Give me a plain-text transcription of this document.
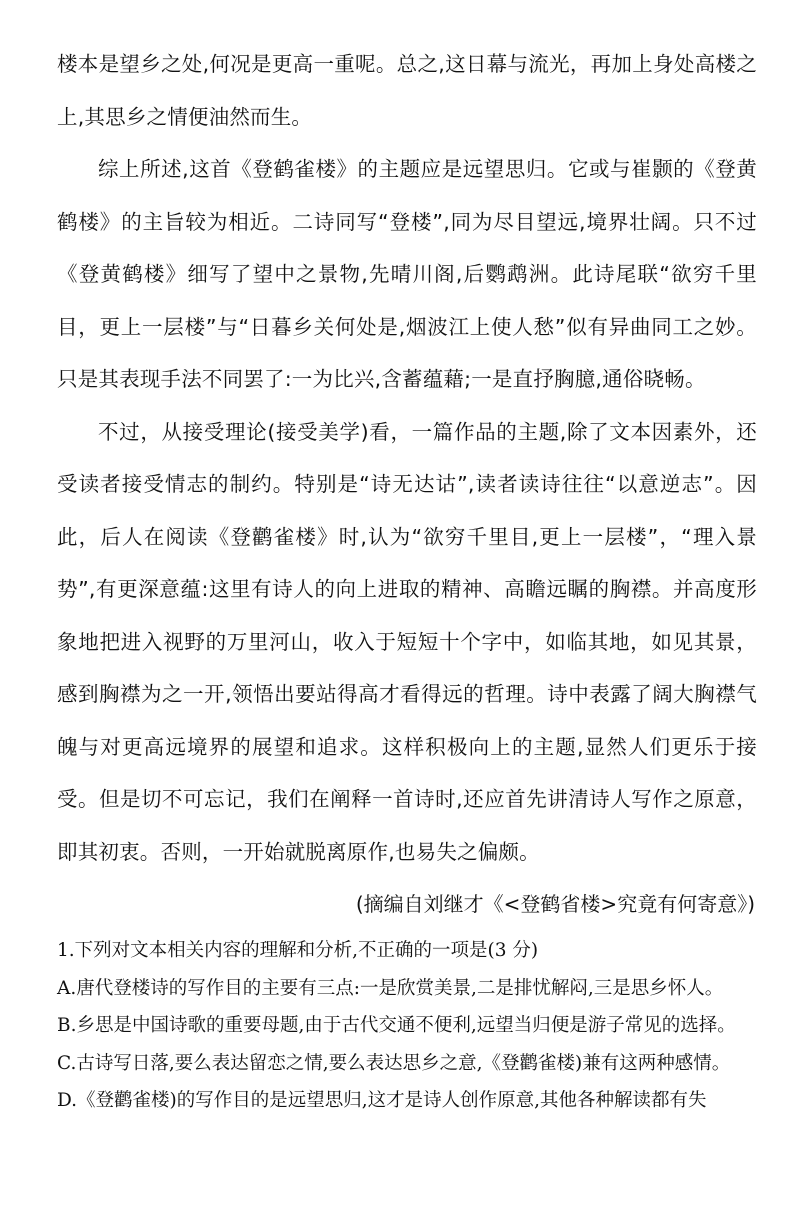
楼本是望乡之处,何况是更高一重呢。总之,这日幕与流光，再加上身处高楼之上,其思乡之情便油然而生。

综上所述,这首《登鹤雀楼》的主题应是远望思归。它或与崔颢的《登黄鹤楼》的主旨较为相近。二诗同写“登楼”,同为尽目望远,境界壮阔。只不过《登黄鹤楼》细写了望中之景物,先晴川阁,后鹦鹉洲。此诗尾联“欲穷千里目，更上一层楼”与“日暮乡关何处是,烟波江上使人愁”似有异曲同工之妙。只是其表现手法不同罢了:一为比兴,含蓄蕴藉;一是直抒胸臆,通俗晓畅。

不过，从接受理论(接受美学)看，一篇作品的主题,除了文本因素外，还受读者接受情志的制约。特别是“诗无达诂”,读者读诗往往“以意逆志”。因此，后人在阅读《登鹳雀楼》时,认为“欲穷千里目,更上一层楼”，“理入景势”,有更深意蕴:这里有诗人的向上进取的精神、高瞻远瞩的胸襟。并高度形象地把进入视野的万里河山，收入于短短十个字中，如临其地，如见其景，感到胸襟为之一开,领悟出要站得高才看得远的哲理。诗中表露了阔大胸襟气魄与对更高远境界的展望和追求。这样积极向上的主题,显然人们更乐于接受。但是切不可忘记，我们在阐释一首诗时,还应首先讲清诗人写作之原意，即其初衷。否则，一开始就脱离原作,也易失之偏颇。

(摘编自刘继才《<登鹤省楼>究竟有何寄意》)

1.下列对文本相关内容的理解和分析,不正确的一项是(3 分)

A.唐代登楼诗的写作目的主要有三点:一是欣赏美景,二是排忧解闷,三是思乡怀人。

B.乡思是中国诗歌的重要母题,由于古代交通不便利,远望当归便是游子常见的选择。

C.古诗写日落,要么表达留恋之情,要么表达思乡之意,《登鹳雀楼)兼有这两种感情。

D.《登鹳雀楼)的写作目的是远望思归,这才是诗人创作原意,其他各种解读都有失
